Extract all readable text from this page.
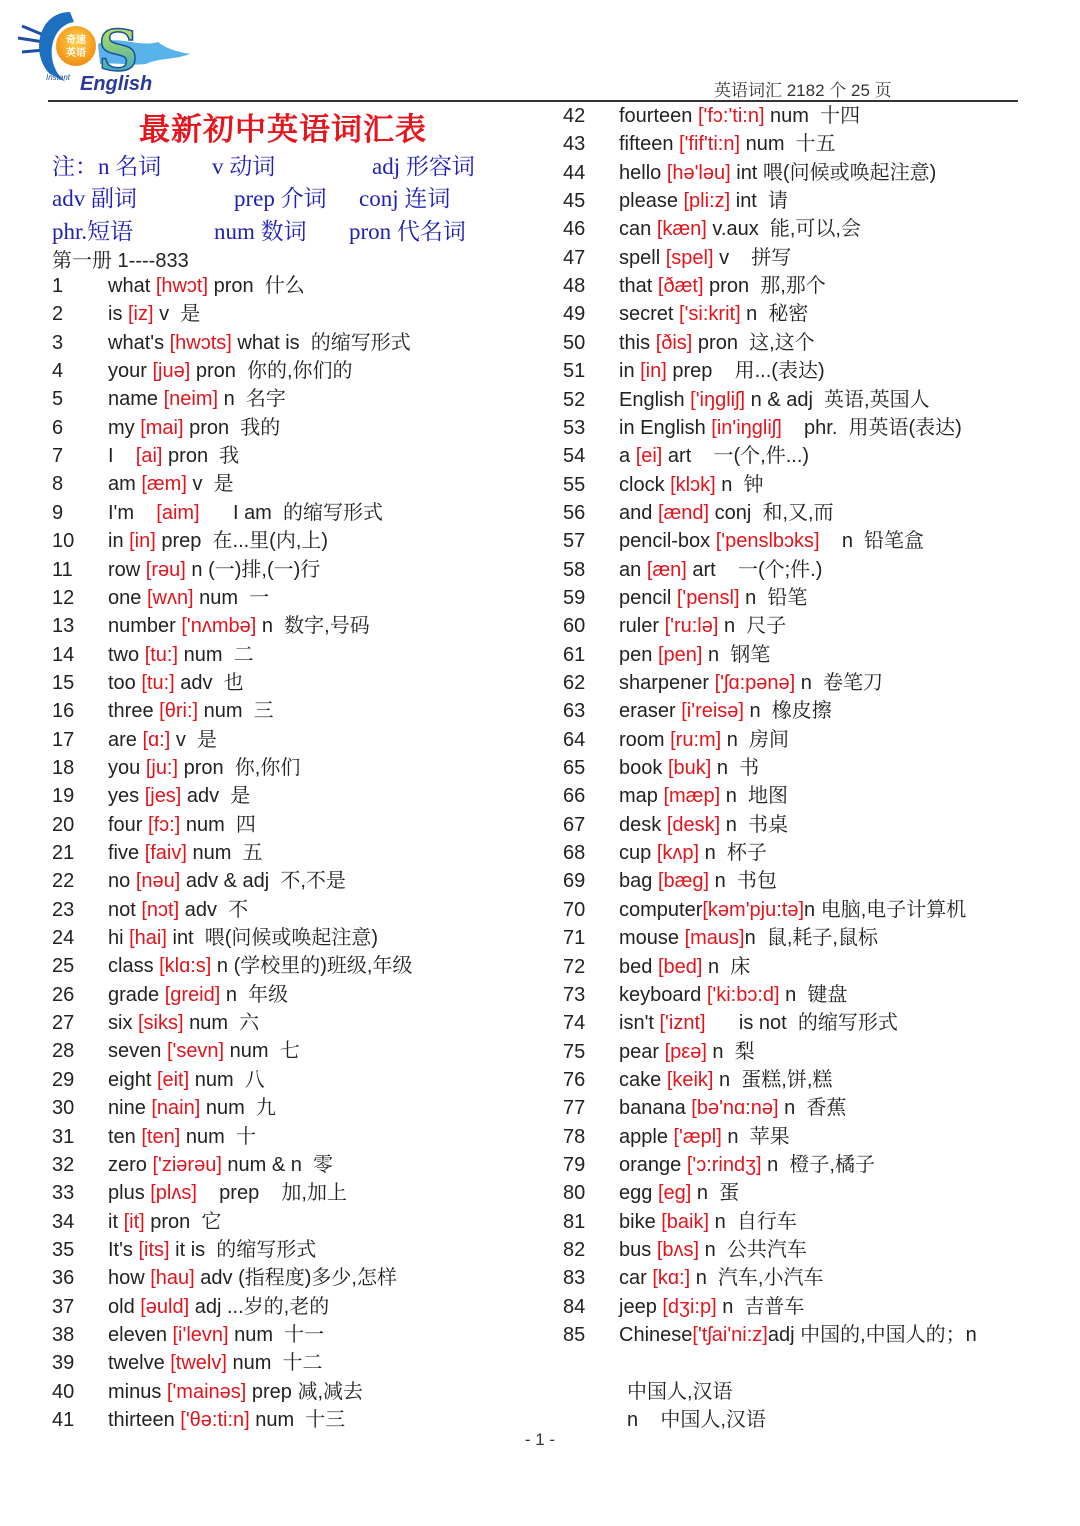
奇速
英语 S
Instant English	英语词汇 2182 个 25 页
最新初中英语词汇表
注：n 名词 v 动词	adj 形容词
adv 副词	prep 介词 conj 连词
phr.短语	num 数词 pron 代名词
第一册 1----833
1 what [hwɔt] pron  什么
2 is [iz] v  是
3 what's [hwɔts] what is  的缩写形式
4 your [juə] pron  你的,你们的
5 name [neim] n  名字
6 my [mai] pron  我的
7 I    [ai] pron  我
8 am [æm] v  是
9 I'm    [aim]      I am  的缩写形式
10 in [in] prep  在...里(内,上)
11 row [rəu] n (一)排,(一)行
12 one [wʌn] num  一
13 number ['nʌmbə] n  数字,号码
14 two [tu:] num  二
15 too [tu:] adv  也
16 three [θri:] num  三
17 are [ɑ:] v  是
18 you [ju:] pron  你,你们
19 yes [jes] adv  是
20 four [fɔ:] num  四
21 five [faiv] num  五
22 no [nəu] adv & adj  不,不是
23 not [nɔt] adv  不
24 hi [hai] int  喂(问候或唤起注意)
25 class [klɑ:s] n (学校里的)班级,年级
26 grade [greid] n  年级
27 six [siks] num  六
28 seven ['sevn] num  七
29 eight [eit] num  八
30 nine [nain] num  九
31 ten [ten] num  十
32 zero ['ziərəu] num & n  零
33 plus [plʌs]    prep    加,加上
34 it [it] pron  它
35 It's [its] it is  的缩写形式
36 how [hau] adv (指程度)多少,怎样
37 old [əuld] adj ...岁的,老的
38 eleven [i'levn] num  十一
39 twelve [twelv] num  十二
40 minus ['mainəs] prep 减,减去
41 thirteen ['θə:ti:n] num  十三
42 fourteen ['fɔ:'ti:n] num  十四
43 fifteen ['fif'ti:n] num  十五
44 hello [hə'ləu] int 喂(问候或唤起注意)
45 please [pli:z] int  请
46 can [kæn] v.aux  能,可以,会
47 spell [spel] v    拼写
48 that [ðæt] pron  那,那个
49 secret ['si:krit] n  秘密
50 this [ðis] pron  这,这个
51 in [in] prep    用...(表达)
52 English ['iŋgliʃ] n & adj  英语,英国人
53 in English [in'iŋgliʃ]    phr.  用英语(表达)
54 a [ei] art    一(个,件...)
55 clock [klɔk] n  钟
56 and [ænd] conj  和,又,而
57 pencil-box ['penslbɔks]    n  铅笔盒
58 an [æn] art    一(个;件.)
59 pencil ['pensl] n  铅笔
60 ruler ['ru:lə] n  尺子
61 pen [pen] n  钢笔
62 sharpener ['ʃɑ:pənə] n  卷笔刀
63 eraser [i'reisə] n  橡皮擦
64 room [ru:m] n  房间
65 book [buk] n  书
66 map [mæp] n  地图
67 desk [desk] n  书桌
68 cup [kʌp] n  杯子
69 bag [bæg] n  书包
70 computer[kəm'pju:tə]n 电脑,电子计算机
71 mouse [maus]n  鼠,耗子,鼠标
72 bed [bed] n  床
73 keyboard ['ki:bɔ:d] n  键盘
74 isn't ['iznt]      is not  的缩写形式
75 pear [pεə] n  梨
76 cake [keik] n  蛋糕,饼,糕
77 banana [bə'nɑ:nə] n  香蕉
78 apple ['æpl] n  苹果
79 orange ['ɔ:rindʒ] n  橙子,橘子
80 egg [eg] n  蛋
81 bike [baik] n  自行车
82 bus [bʌs] n  公共汽车
83 car [kɑ:] n  汽车,小汽车
84 jeep [dʒi:p] n  吉普车
85 Chinese['tʃai'ni:z]adj 中国的,中国人的；n
中国人,汉语
n    中国人,汉语
- 1 -
